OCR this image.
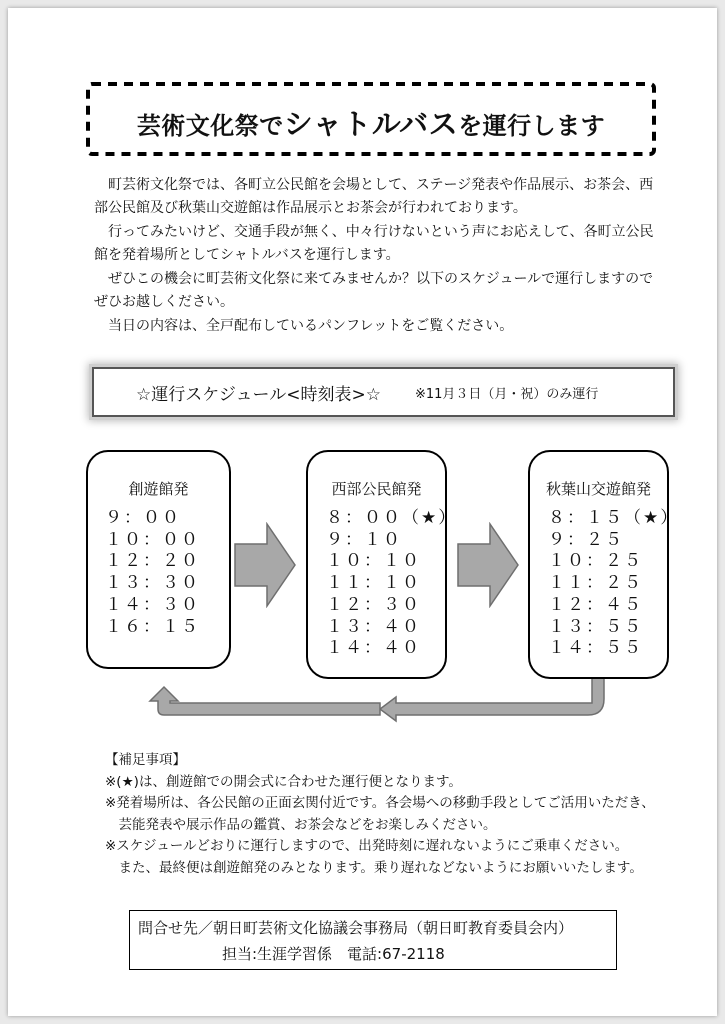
芸術文化祭でシャトルバスを運行します
町芸術文化祭では、各町立公民館を会場として、ステージ発表や作品展示、お茶会、西
部公民館及び秋葉山交遊館は作品展示とお茶会が行われております。
行ってみたいけど、交通手段が無く、中々行けないという声にお応えして、各町立公民
館を発着場所としてシャトルバスを運行します。
ぜひこの機会に町芸術文化祭に来てみませんか？以下のスケジュールで運行しますので
ぜひお越しください。
当日の内容は、全戸配布しているパンフレットをご覧ください。
☆運行スケジュール<時刻表>☆	※11月３日（月・祝）のみ運行
創遊館発
９：００
１０：００
１２：２０
１３：３０
１４：３０
１６：１５
西部公民館発
８：００（★）
９：１０
１０：１０
１１：１０
１２：３０
１３：４０
１４：４０
秋葉山交遊館発
８：１５（★）
９：２５
１０：２５
１１：２５
１２：４５
１３：５５
１４：５５
【補足事項】
※(★)は、創遊館での開会式に合わせた運行便となります。
※発着場所は、各公民館の正面玄関付近です。各会場への移動手段としてご活用いただき、
　芸能発表や展示作品の鑑賞、お茶会などをお楽しみください。
※スケジュールどおりに運行しますので、出発時刻に遅れないようにご乗車ください。
　また、最終便は創遊館発のみとなります。乗り遅れなどないようにお願いいたします。
問合せ先／朝日町芸術文化協議会事務局（朝日町教育委員会内）
担当:生涯学習係　電話:67-2118
